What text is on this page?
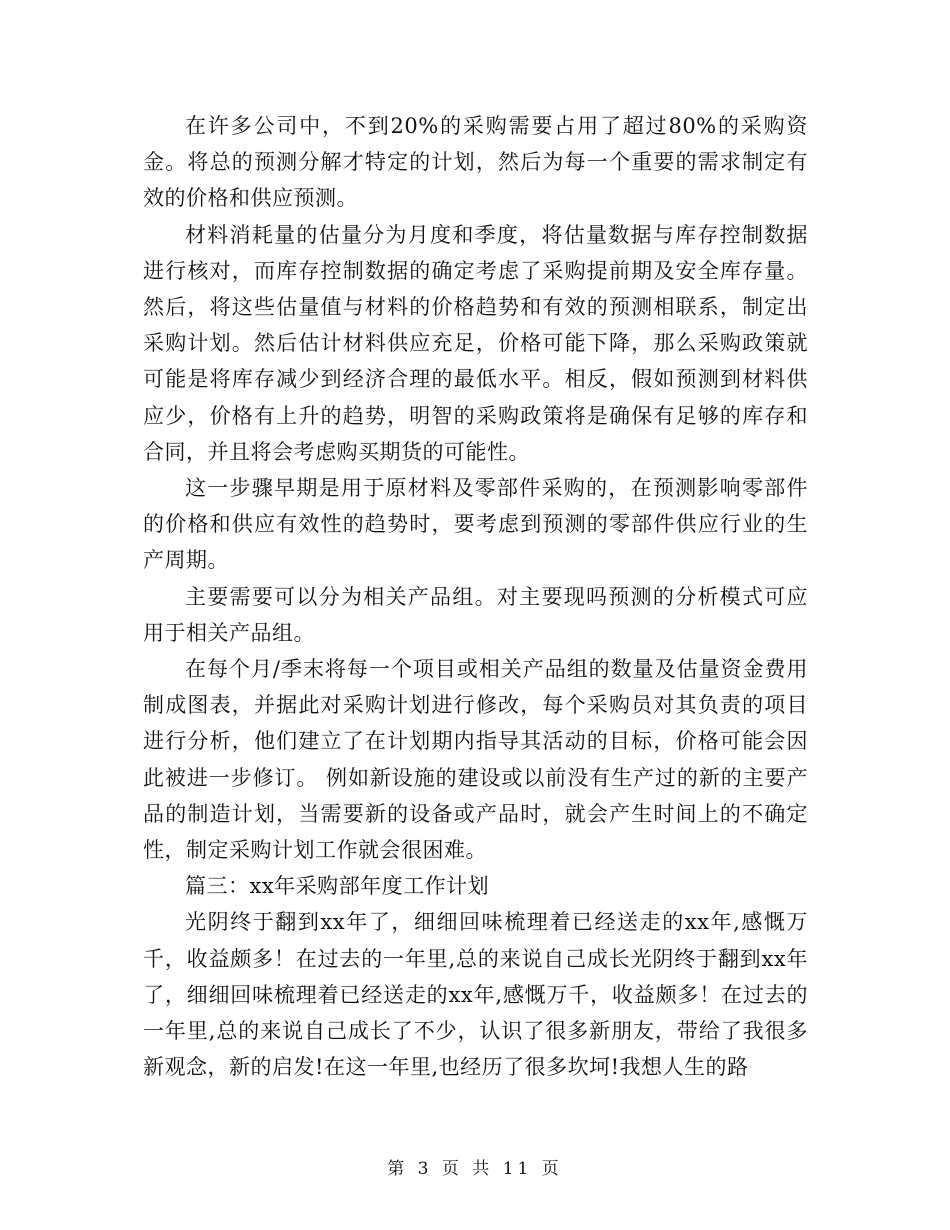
在许多公司中，不到20%的采购需要占用了超过80%的采购资金。将总的预测分解才特定的计划，然后为每一个重要的需求制定有效的价格和供应预测。

材料消耗量的估量分为月度和季度，将估量数据与库存控制数据进行核对，而库存控制数据的确定考虑了采购提前期及安全库存量。然后，将这些估量值与材料的价格趋势和有效的预测相联系，制定出采购计划。然后估计材料供应充足，价格可能下降，那么采购政策就可能是将库存减少到经济合理的最低水平。相反，假如预测到材料供应少，价格有上升的趋势，明智的采购政策将是确保有足够的库存和合同，并且将会考虑购买期货的可能性。

这一步骤早期是用于原材料及零部件采购的，在预测影响零部件的价格和供应有效性的趋势时，要考虑到预测的零部件供应行业的生产周期。

主要需要可以分为相关产品组。对主要现吗预测的分析模式可应用于相关产品组。

在每个月/季末将每一个项目或相关产品组的数量及估量资金费用制成图表，并据此对采购计划进行修改，每个采购员对其负责的项目进行分析，他们建立了在计划期内指导其活动的目标，价格可能会因此被进一步修订。 例如新设施的建设或以前没有生产过的新的主要产品的制造计划，当需要新的设备或产品时，就会产生时间上的不确定性，制定采购计划工作就会很困难。

篇三：xx年采购部年度工作计划

光阴终于翻到xx年了，细细回味梳理着已经送走的xx年,感慨万千，收益颇多！在过去的一年里,总的来说自己成长光阴终于翻到xx年了，细细回味梳理着已经送走的xx年,感慨万千，收益颇多！在过去的一年里,总的来说自己成长了不少，认识了很多新朋友，带给了我很多新观念，新的启发!在这一年里,也经历了很多坎坷!我想人生的路

第 3 页 共 11 页
